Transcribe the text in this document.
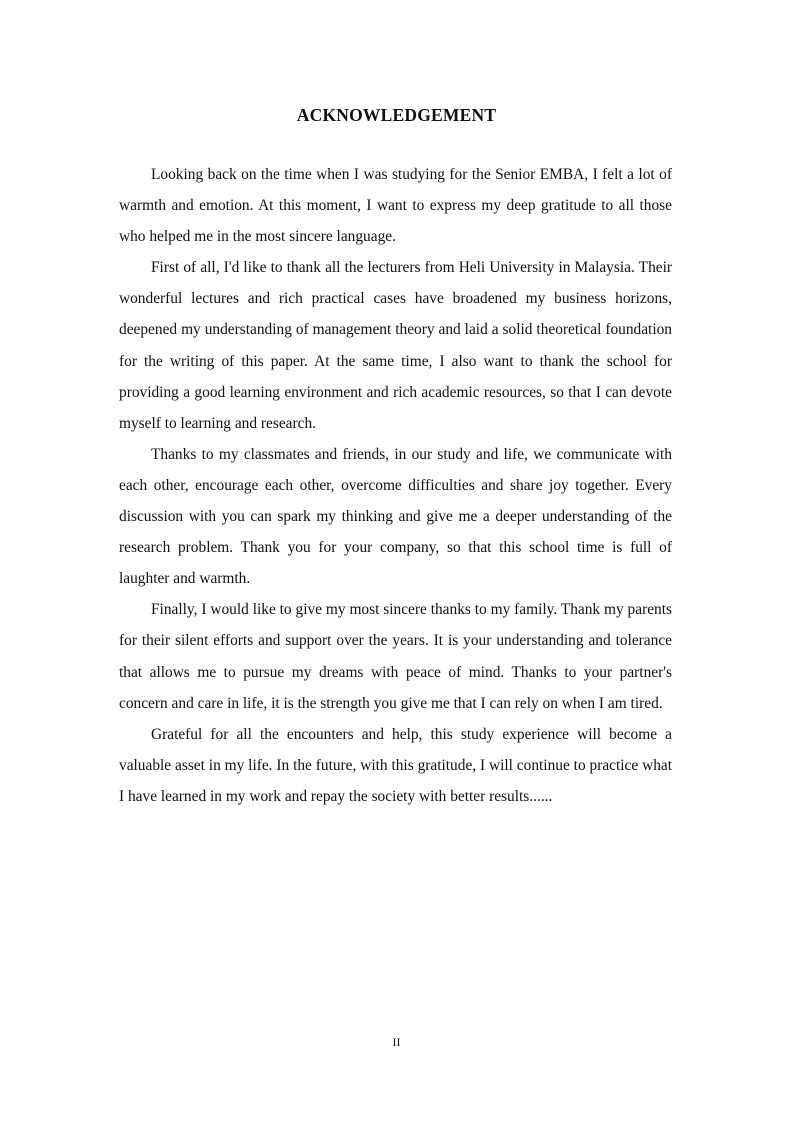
ACKNOWLEDGEMENT

Looking back on the time when I was studying for the Senior EMBA, I felt a lot of warmth and emotion. At this moment, I want to express my deep gratitude to all those who helped me in the most sincere language.

First of all, I'd like to thank all the lecturers from Heli University in Malaysia. Their wonderful lectures and rich practical cases have broadened my business horizons, deepened my understanding of management theory and laid a solid theoretical foundation for the writing of this paper. At the same time, I also want to thank the school for providing a good learning environment and rich academic resources, so that I can devote myself to learning and research.

Thanks to my classmates and friends, in our study and life, we communicate with each other, encourage each other, overcome difficulties and share joy together. Every discussion with you can spark my thinking and give me a deeper understanding of the research problem. Thank you for your company, so that this school time is full of laughter and warmth.

Finally, I would like to give my most sincere thanks to my family. Thank my parents for their silent efforts and support over the years. It is your understanding and tolerance that allows me to pursue my dreams with peace of mind. Thanks to your partner's concern and care in life, it is the strength you give me that I can rely on when I am tired.

Grateful for all the encounters and help, this study experience will become a valuable asset in my life. In the future, with this gratitude, I will continue to practice what I have learned in my work and repay the society with better results......

II
